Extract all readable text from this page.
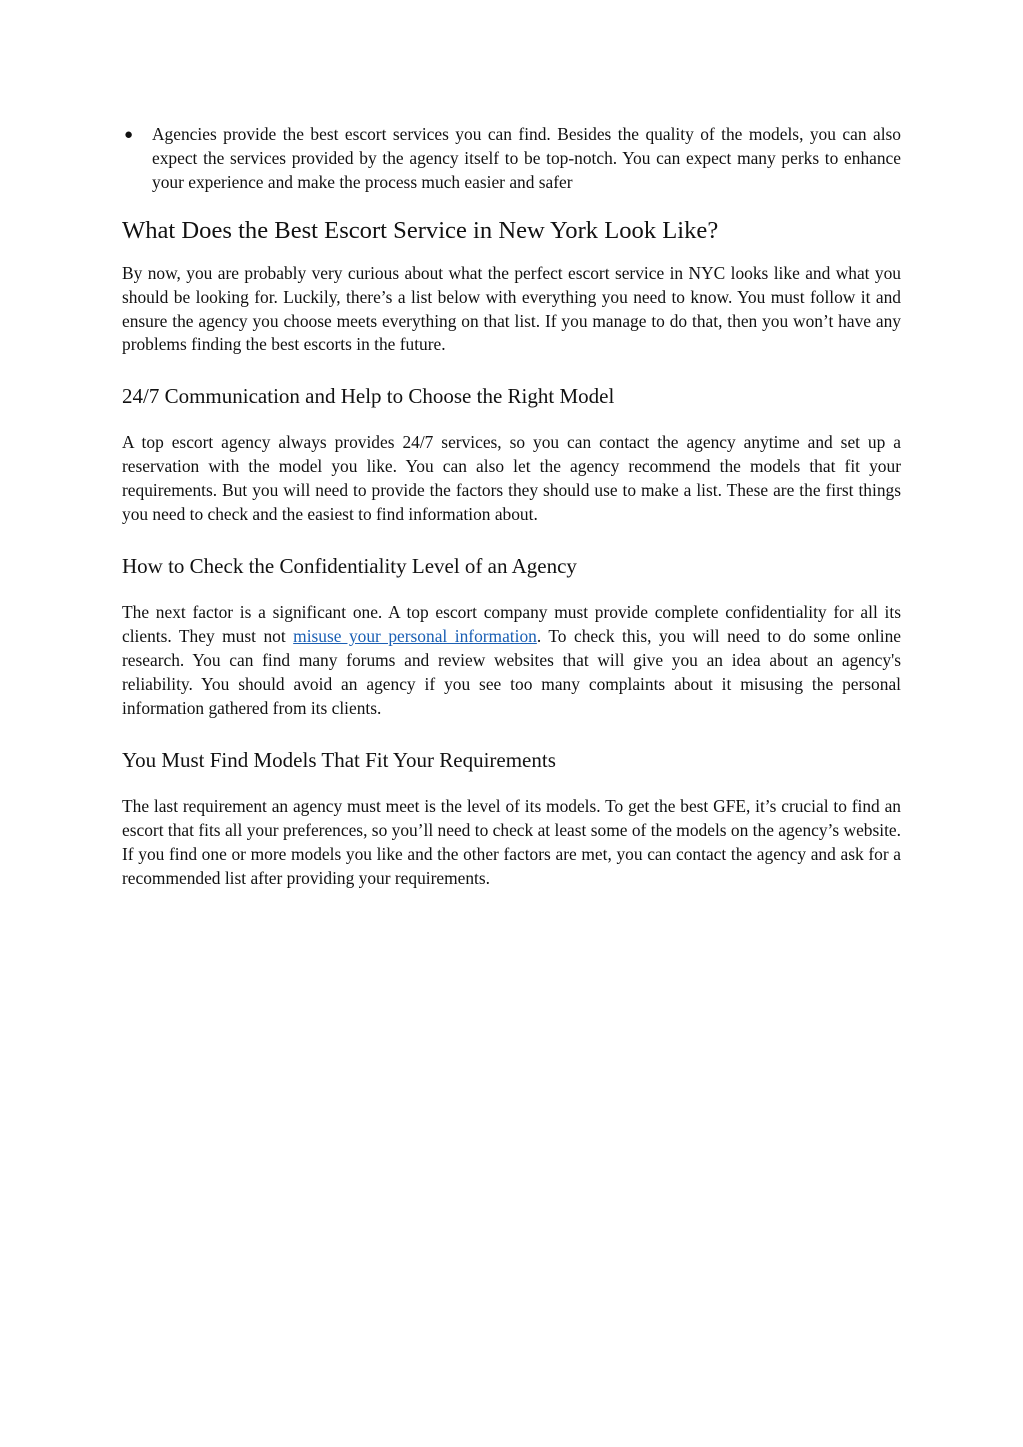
● Agencies provide the best escort services you can find. Besides the quality of the models, you can also expect the services provided by the agency itself to be top-notch. You can expect many perks to enhance your experience and make the process much easier and safer
What Does the Best Escort Service in New York Look Like?

By now, you are probably very curious about what the perfect escort service in NYC looks like and what you should be looking for. Luckily, there’s a list below with everything you need to know. You must follow it and ensure the agency you choose meets everything on that list. If you manage to do that, then you won’t have any problems finding the best escorts in the future.

24/7 Communication and Help to Choose the Right Model

A top escort agency always provides 24/7 services, so you can contact the agency anytime and set up a reservation with the model you like. You can also let the agency recommend the models that fit your requirements. But you will need to provide the factors they should use to make a list. These are the first things you need to check and the easiest to find information about.

How to Check the Confidentiality Level of an Agency

The next factor is a significant one. A top escort company must provide complete confidentiality for all its clients. They must not misuse your personal information. To check this, you will need to do some online research. You can find many forums and review websites that will give you an idea about an agency's reliability. You should avoid an agency if you see too many complaints about it misusing the personal information gathered from its clients.

You Must Find Models That Fit Your Requirements

The last requirement an agency must meet is the level of its models. To get the best GFE, it’s crucial to find an escort that fits all your preferences, so you’ll need to check at least some of the models on the agency’s website. If you find one or more models you like and the other factors are met, you can contact the agency and ask for a recommended list after providing your requirements.
